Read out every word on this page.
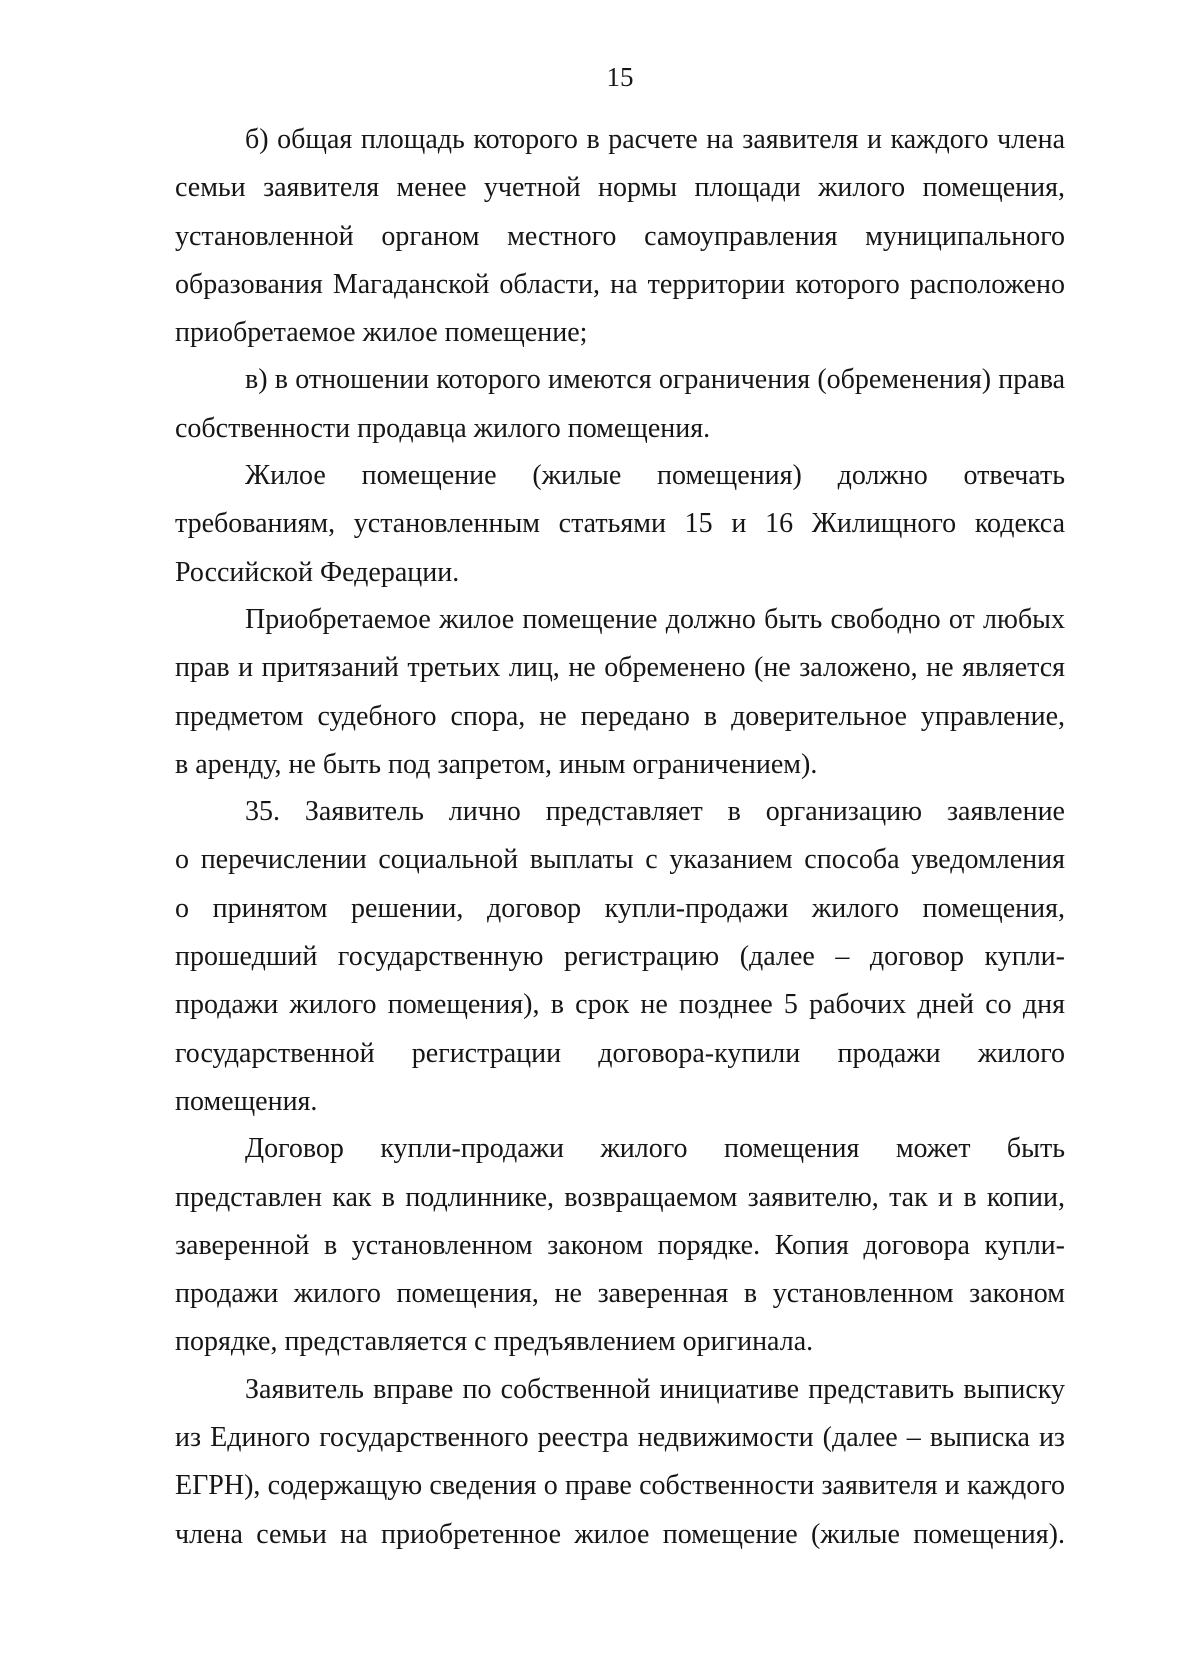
15
б) общая площадь которого в расчете на заявителя и каждого члена
семьи заявителя менее учетной нормы площади жилого помещения,
установленной органом местного самоуправления муниципального
образования Магаданской области, на территории которого расположено
приобретаемое жилое помещение;
в) в отношении которого имеются ограничения (обременения) права
собственности продавца жилого помещения.
Жилое помещение (жилые помещения) должно отвечать
требованиям, установленным статьями 15 и 16 Жилищного кодекса
Российской Федерации.
Приобретаемое жилое помещение должно быть свободно от любых
прав и притязаний третьих лиц, не обременено (не заложено, не является
предметом судебного спора, не передано в доверительное управление,
в аренду, не быть под запретом, иным ограничением).
35. Заявитель лично представляет в организацию заявление
о перечислении социальной выплаты с указанием способа уведомления
о принятом решении, договор купли-продажи жилого помещения,
прошедший государственную регистрацию (далее – договор купли-
продажи жилого помещения), в срок не позднее 5 рабочих дней со дня
государственной регистрации договора-купили продажи жилого
помещения.
Договор купли-продажи жилого помещения может быть
представлен как в подлиннике, возвращаемом заявителю, так и в копии,
заверенной в установленном законом порядке. Копия договора купли-
продажи жилого помещения, не заверенная в установленном законом
порядке, представляется с предъявлением оригинала.
Заявитель вправе по собственной инициативе представить выписку
из Единого государственного реестра недвижимости (далее – выписка из
ЕГРН), содержащую сведения о праве собственности заявителя и каждого
члена семьи на приобретенное жилое помещение (жилые помещения).
